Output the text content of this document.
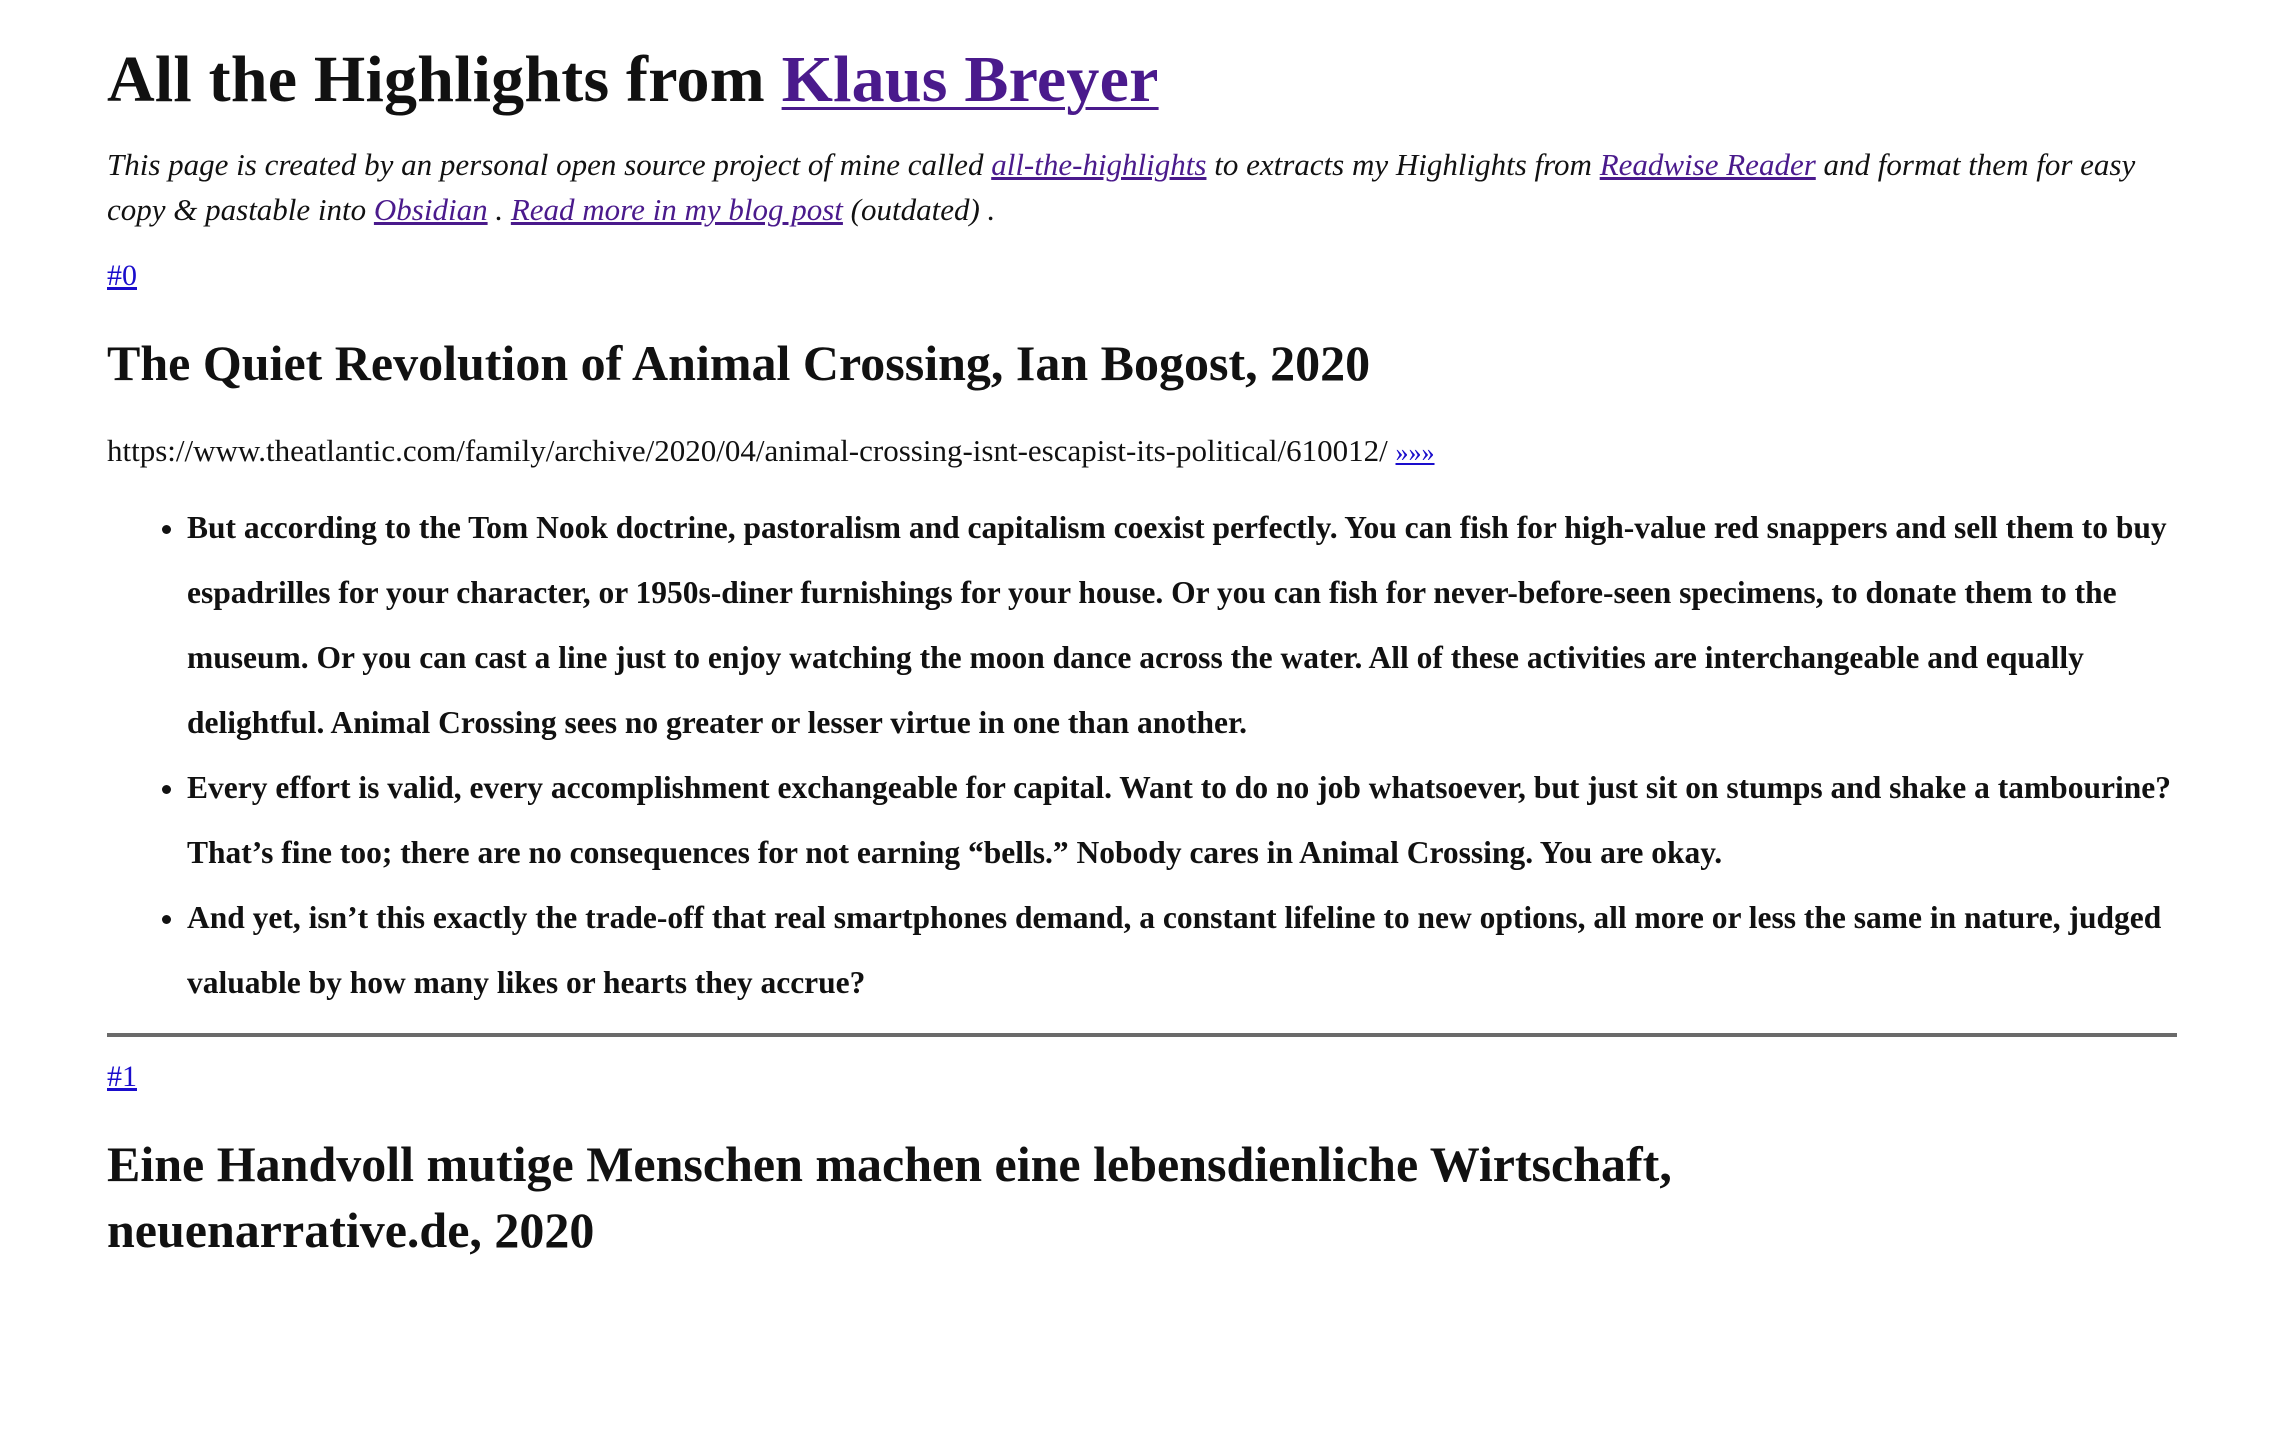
All the Highlights from Klaus Breyer

This page is created by an personal open source project of mine called all-the-highlights to extracts my Highlights from Readwise Reader and format them for easy copy & pastable into Obsidian . Read more in my blog post (outdated) .

#0
The Quiet Revolution of Animal Crossing, Ian Bogost, 2020

https://www.theatlantic.com/family/archive/2020/04/animal-crossing-isnt-escapist-its-political/610012/ »»»

• But according to the Tom Nook doctrine, pastoralism and capitalism coexist perfectly. You can fish for high-value red snappers and sell them to buy espadrilles for your character, or 1950s-diner furnishings for your house. Or you can fish for never-before-seen specimens, to donate them to the museum. Or you can cast a line just to enjoy watching the moon dance across the water. All of these activities are interchangeable and equally delightful. Animal Crossing sees no greater or lesser virtue in one than another.
• Every effort is valid, every accomplishment exchangeable for capital. Want to do no job whatsoever, but just sit on stumps and shake a tambourine? That’s fine too; there are no consequences for not earning “bells.” Nobody cares in Animal Crossing. You are okay.
• And yet, isn’t this exactly the trade-off that real smartphones demand, a constant lifeline to new options, all more or less the same in nature, judged valuable by how many likes or hearts they accrue?
#1
Eine Handvoll mutige Menschen machen eine lebensdienliche Wirtschaft, neuenarrative.de, 2020
